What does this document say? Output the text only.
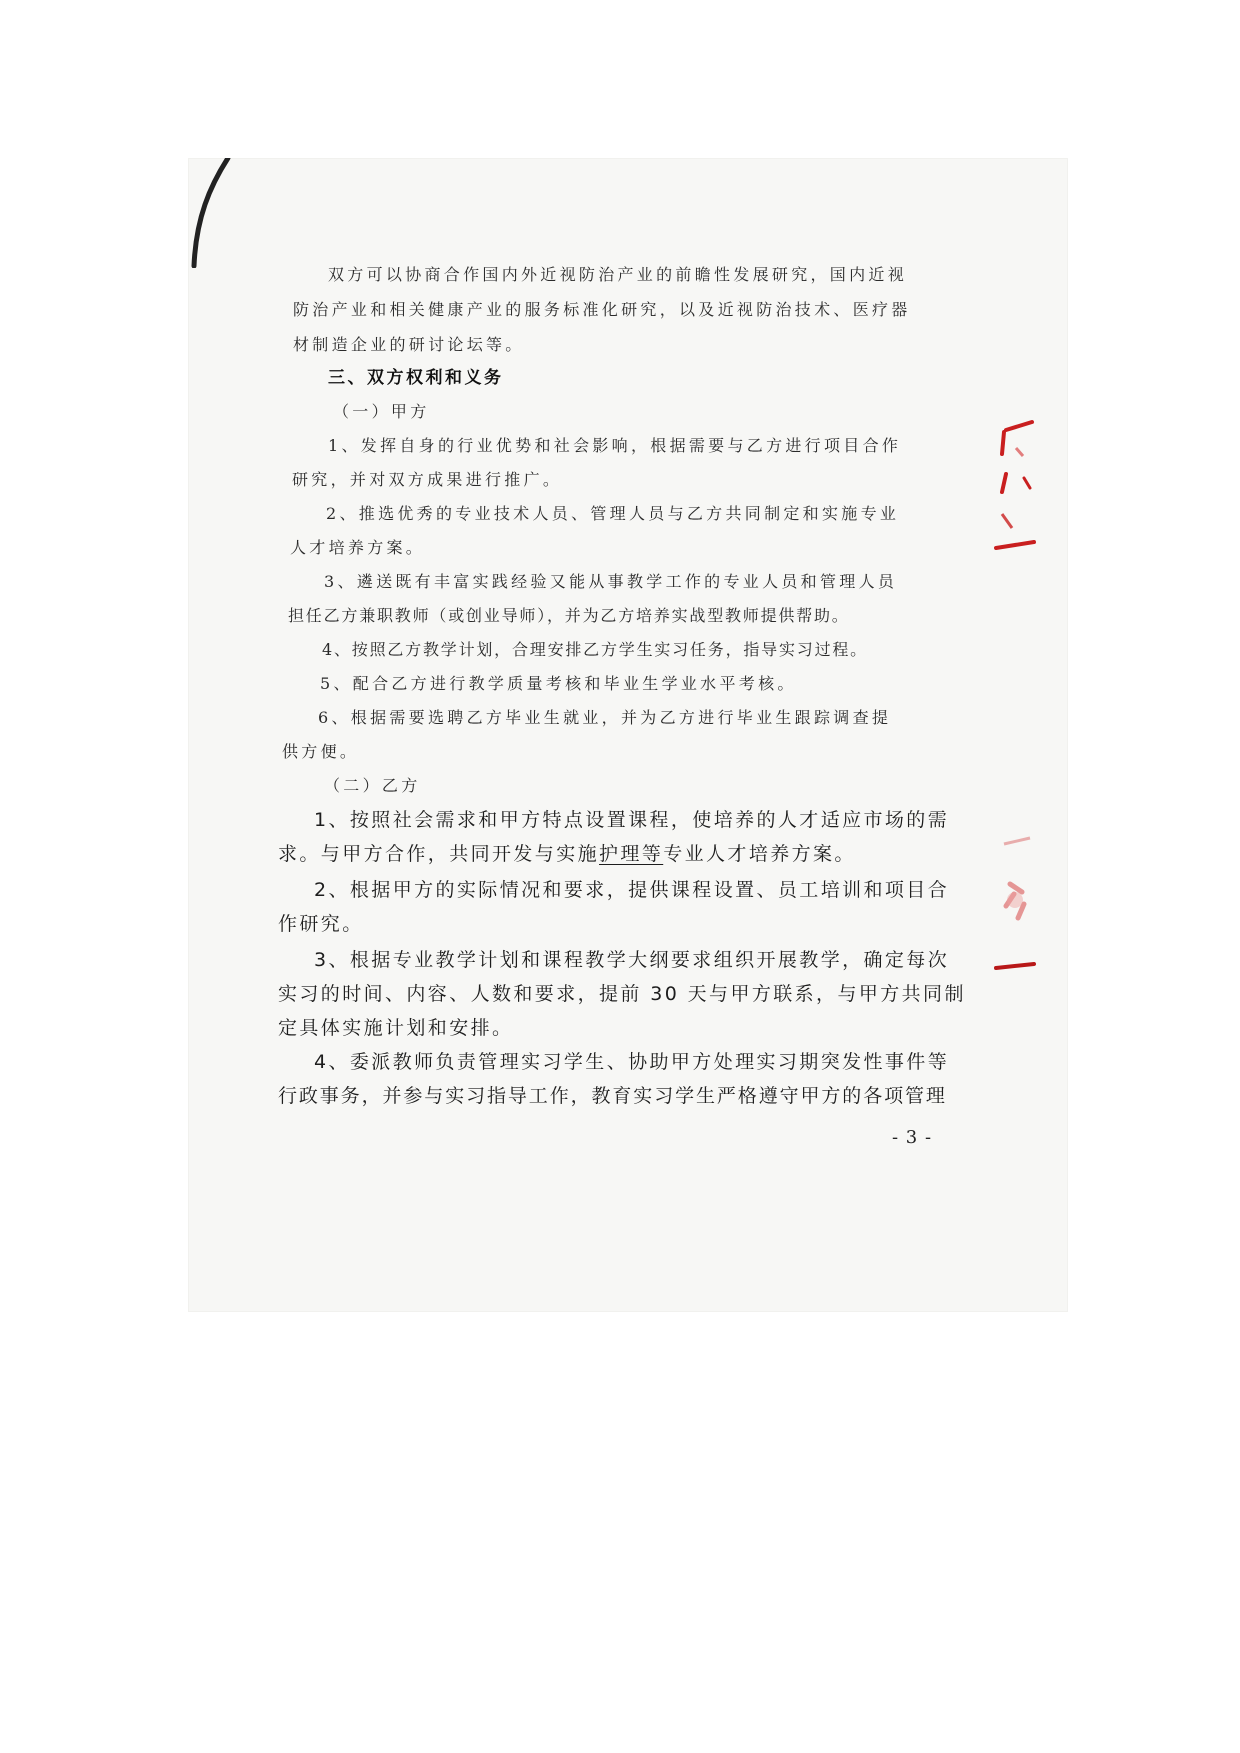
双方可以协商合作国内外近视防治产业的前瞻性发展研究，国内近视

防治产业和相关健康产业的服务标准化研究，以及近视防治技术、医疗器

材制造企业的研讨论坛等。

三、双方权利和义务

（一）甲方

1、发挥自身的行业优势和社会影响，根据需要与乙方进行项目合作

研究，并对双方成果进行推广。

2、推选优秀的专业技术人员、管理人员与乙方共同制定和实施专业

人才培养方案。

3、遴送既有丰富实践经验又能从事教学工作的专业人员和管理人员

担任乙方兼职教师（或创业导师），并为乙方培养实战型教师提供帮助。

4、按照乙方教学计划，合理安排乙方学生实习任务，指导实习过程。

5、配合乙方进行教学质量考核和毕业生学业水平考核。

6、根据需要选聘乙方毕业生就业，并为乙方进行毕业生跟踪调查提

供方便。

（二）乙方

1、按照社会需求和甲方特点设置课程，使培养的人才适应市场的需

求。与甲方合作，共同开发与实施护理等专业人才培养方案。

2、根据甲方的实际情况和要求，提供课程设置、员工培训和项目合

作研究。

3、根据专业教学计划和课程教学大纲要求组织开展教学，确定每次

实习的时间、内容、人数和要求，提前 30 天与甲方联系，与甲方共同制

定具体实施计划和安排。

4、委派教师负责管理实习学生、协助甲方处理实习期突发性事件等

行政事务，并参与实习指导工作，教育实习学生严格遵守甲方的各项管理

- 3 -
